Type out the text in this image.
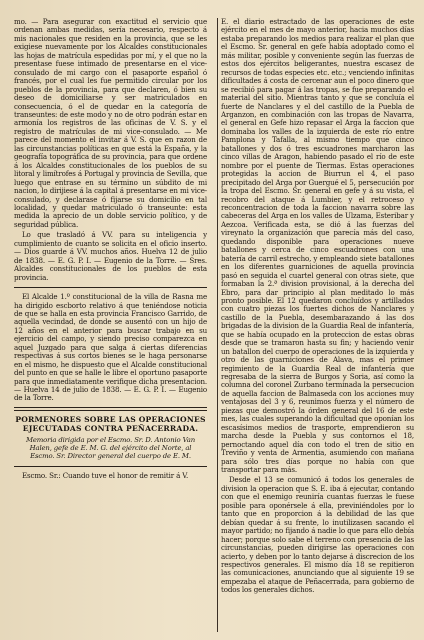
mo. — Para asegurar con exactitud el servicio que ordenan ambas medidas, sería necesario, respecto á mis nacionales que residen en la provincia, que se les exigiese nuevamente por los Alcaldes constitucionales las hojas de matrícula espedidas por mí, y el que no la presentase fuese intimado de presentarse en el vice-consulado de mi cargo con el pasaporte español ó francés, por el cual les fue permitido circular por los pueblos de la provincia, para que declaren, ó bien su deseo de domiciliarse y ser matriculados en consecuencia, ó el de quedar en la categoría de transeuntes: de este modo y no de otro podrán estar en armonía los registros de las oficinas de V. S. y el registro de matrículas de mi vice-consulado. — Me parece del momento el invitar á V. S. que en razon de las circunstancias políticas en que está la España, y la geografía topográfica de su provincia, para que ordene á los Alcaldes constitucionales de los pueblos de su litoral y limítrofes á Portugal y provincia de Sevilla, que luego que entrase en su término un súbdito de mi nacion, lo dirijiese á la capital á presentarse en mi vice-consulado, y declarase ó fijarse su domicilio en tal localidad, y quedar matriculado ó transeunte: esta medida la aprecio de un doble servicio político, y de seguridad pública.

Lo que trasladó á VV. para su inteligencia y cumplimiento de cuanto se solicita en el oficio inserto. — Dios guarde á VV. muchos años. Huelva 12 de julio de 1838. — E. G. P. I. — Eugenio de la Torre. — Sres. Alcaldes constitucionales de los pueblos de esta provincia.

El Alcalde 1.º constitucional de la villa de Rasna me ha dirigido escborto relativo á que teniéndose noticia de que se halla en esta provincia Francisco Garrido, de aquella vecindad, de donde se ausentó con un hijo de 12 años en el anterior para buscar trabajo en su ejercicio del campo, y siendo preciso comparezca en aquel Juzgado para que salga á ciertas diferencias respectivas á sus cortos bienes se le haga personarse en el mismo, he dispuesto que el Alcalde constitucional del punto en que se halle le libre el oportuno pasaporte para que inmediatamente verifique dicha presentacion. — Huelva 14 de julio de 1838. — E. G. P. I. — Eugenio de la Torre.

PORMENORES SOBRE LAS OPERACIONES EJECUTADAS CONTRA PEÑACERRADA.
Memoria dirigida por el Escmo. Sr. D. Antonio Van Halen, gefe de E. M. G. del ejército del Norte, al Escmo. Sr. Director general del cuerpo de E. M.

Escmo. Sr.: Cuando tuve el honor de remitir á V.

E. el diario estractado de las operaciones de este ejército en el mes de mayo anterior, hacia muchos días estaba preparando los medios para realizar el plan que el Escmo. Sr. general en gefe había adoptado como el más militar, posible y conveniente según las fuerzas de estos dos ejércitos beligerantes, nuestra escasez de recursos de todas especies etc. etc.; venciendo infinitas dificultades á costa de cercenar aun el poco dinero que se recibió para pagar á las tropas, se fue preparando el material del sitio. Mientras tanto y que se concluía el fuerte de Nanclares y el del castillo de la Puebla de Arganzon, en combinación con las tropas de Navarra, el general en Gefe hizo repasar el Arga la faccion que dominaba los valles de la izquierda de este río entre Pamplona y Tafalla, al mismo tiempo que cinco batallones y dos ó tres escuadrones marcharon las cinco villas de Aragon, habiendo pasado el río de este nombre por el puente de Tiermas. Estas operaciones protegidas la accion de Biurrun el 4, el paso precipitado del Arga por Guergué el 5, persecución por la tropa del Escmo. Sr. general en gefe y á su vista, el recobro del ataque á Lumbier, y el retroceso y reconcentracion de toda la faccion navarra sobre las cabeceras del Arga en los valles de Ulzama, Esteribar y Aezcoa. Verificada esta, se dió á las fuerzas del vireynato la organización que parecía más del caso, quedando disponible para operaciones nueve batallones y cerca de cinco escuadrones con una batería de carril estrecho, y empleando siete batallones en los diferentes guarniciones de aquella provincia pasó en seguida el cuartel general con otras siete, que formaban la 2.ª division provisional, á la derecha del Ebro, para dar principio al plan meditado lo más pronto posible. El 12 quedaron concluídos y artillados con cuatro piezas los fuertes dichos de Nanclares y castillo de la Puebla, desembarazando á las dos brigadas de la division de la Guardia Real de infantería, que se había ocupado en la proteccion de estas obras desde que se tramaron hasta su fin; y haciendo venir un batallon del cuerpo de operaciones de la izquierda y otro de las guarniciones de Alava, mas el primer regimiento de la Guardia Real de infantería que regresaba de la sierra de Burgos y Soria, así como la columna del coronel Zurbano terminada la persecucion de aquella faccion de Balmaseda con los acciones muy ventajosas del 3 y 6, reunimos fuerza y el número de piezas que demostró la órden general del 16 de este mes, las cuales superando la dificultad que oponían los escasísimos medios de trasporte, emprendieron su marcha desde la Puebla y sus contornos el 18, pernoctando aquel día con todo el tren de sitio en Treviño y venta de Armentia, asumiendo con mañana para sólo tres días porque no había con que transportar para más.

Desde el 13 se comunicó á todos los generales de division la operacion que S. E. iba á ejecutar, contando con que el enemigo reuniría cuantas fuerzas le fuese posible para oponérsele á ella, previniéndoles por lo tanto que en proporcion á la debilidad de las que debían quedar á su frente, lo inutilizasen sacando el mayor partido; no fijando á nadie lo que para ello debía hacer; porque solo sabe el terreno con presencia de las circunstancias, pueden dirigirse las operaciones con acierto, y deben por lo tanto dejarse á discrecion de los respectivos generales. El mismo día 18 se repitieron las comunicaciones, anunciando que al siguiente 19 se empezaba el ataque de Peñacerrada, para gobierno de todos los generales dichos.
